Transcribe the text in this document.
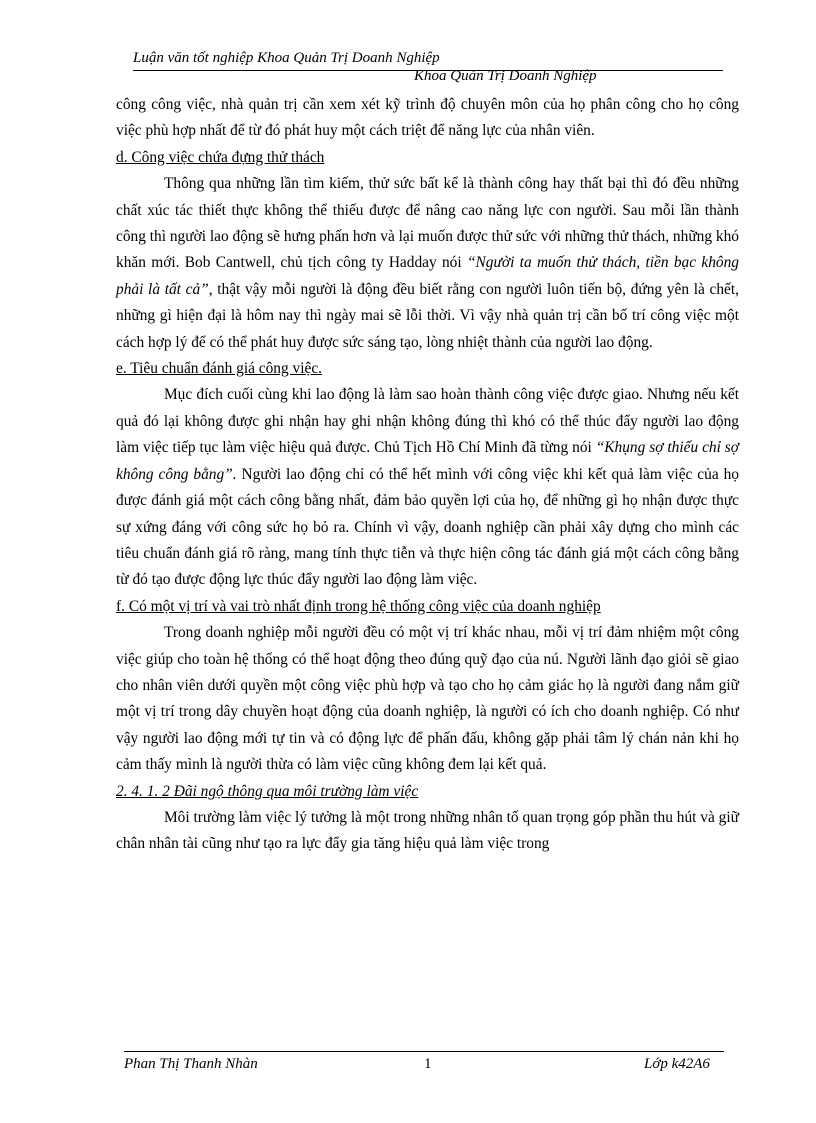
Luận văn tốt nghiệp Khoa Quản Trị Doanh Nghiệp
Khoa Quản Trị Doanh Nghiệp

công công việc, nhà quản trị cần xem xét kỹ trình độ chuyên môn của họ phân công cho họ công việc phù hợp nhất để từ đó phát huy một cách triệt để năng lực của nhân viên.

d. Công việc chứa đựng thử thách

Thông qua những lần tìm kiếm, thử sức bất kể là thành công hay thất bại thì đó đều những chất xúc tác thiết thực không thể thiếu được để nâng cao năng lực con người. Sau mỗi lần thành công thì người lao động sẽ hưng phấn hơn và lại muốn được thử sức với những thử thách, những khó khăn mới. Bob Cantwell, chủ tịch công ty Hadday nói “Người ta muốn thử thách, tiền bạc không phải là tất cả”, thật vậy mỗi người là động đều biết rằng con người luôn tiến bộ, đứng yên là chết, những gì hiện đại là hôm nay thì ngày mai sẽ lỗi thời. Vì vậy nhà quản trị cần bố trí công việc một cách hợp lý để có thể phát huy được sức sáng tạo, lòng nhiệt thành của người lao động.

e. Tiêu chuẩn đánh giá công việc.

Mục đích cuối cùng khi lao động là làm sao hoàn thành công việc được giao. Nhưng nếu kết quả đó lại không được ghi nhận hay ghi nhận không đúng thì khó có thể thúc đẩy người lao động làm việc tiếp tục làm việc hiệu quả được. Chủ Tịch Hồ Chí Minh đã từng nói “Khụng sợ thiếu chỉ sợ không công bằng”. Người lao động chỉ có thể hết mình với công việc khi kết quả làm việc của họ được đánh giá một cách công bằng nhất, đảm bảo quyền lợi của họ, để những gì họ nhận được thực sự xứng đáng với công sức họ bỏ ra. Chính vì vậy, doanh nghiệp cần phải xây dựng cho mình các tiêu chuẩn đánh giá rõ ràng, mang tính thực tiễn và thực hiện công tác đánh giá một cách công bằng từ đó tạo được động lực thúc đẩy người lao động làm việc.

f. Có một vị trí và vai trò nhất định trong hệ thống công việc của doanh nghiệp

Trong doanh nghiệp mỗi người đều có một vị trí khác nhau, mỗi vị trí đảm nhiệm một công việc giúp cho toàn hệ thống có thể hoạt động theo đúng quỹ đạo của nú. Người lãnh đạo giỏi sẽ giao cho nhân viên dưới quyền một công việc phù hợp và tạo cho họ cảm giác họ là người đang nắm giữ một vị trí trong dây chuyền hoạt động của doanh nghiệp, là người có ích cho doanh nghiệp. Có như vậy người lao động mới tự tin và có động lực để phấn đấu, không gặp phải tâm lý chán nản khi họ cảm thấy mình là người thừa có làm việc cũng không đem lại kết quả.

2. 4. 1. 2 Đãi ngộ thông qua môi trường làm việc

Môi trường làm việc lý tưởng là một trong những nhân tố quan trọng góp phần thu hút và giữ chân nhân tài cũng như tạo ra lực đẩy gia tăng hiệu quả làm việc trong

Phan Thị Thanh Nhàn	1	Lớp k42A6
